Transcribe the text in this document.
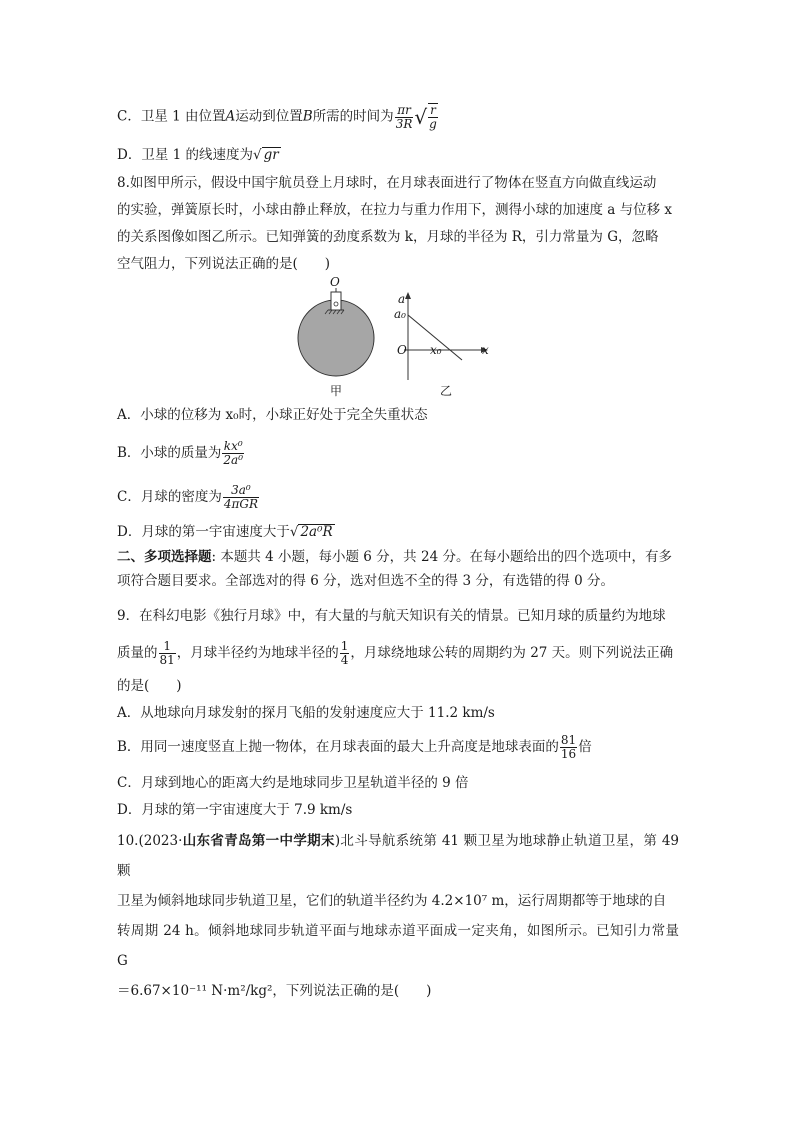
C．卫星 1 由位置A运动到位置B所需的时间为 $\frac{\pi r}{3R}$ √ $\frac{r}{g}$
D．卫星 1 的线速度为√ gr
8.如图甲所示，假设中国宇航员登上月球时，在月球表面进行了物体在竖直方向做直线运动
的实验，弹簧原长时，小球由静止释放，在拉力与重力作用下，测得小球的加速度 a 与位移 x
的关系图像如图乙所示。已知弹簧的劲度系数为 k，月球的半径为 R，引力常量为 G，忽略
空气阻力，下列说法正确的是(　　)
O
a
a₀
O x₀	x
甲	乙
A．小球的位移为 x₀时，小球正好处于完全失重状态
B．小球的质量为 $\frac{\text{kx⁰}}{\text{2a⁰}}$
C．月球的密度为 $\frac{\text{3a⁰}}{\text{4πGR}}$
D．月球的第一宇宙速度大于√ 2a⁰R
二、多项选择题: 本题共 4 小题，每小题 6 分，共 24 分。在每小题给出的四个选项中，有多
项符合题目要求。全部选对的得 6 分，选对但选不全的得 3 分，有选错的得 0 分。
9．在科幻电影《独行月球》中，有大量的与航天知识有关的情景。已知月球的质量约为地球
质量的 $\frac{1}{81}$ ，月球半径约为地球半径的 $\frac{1}{4}$ ，月球绕地球公转的周期约为 27 天。则下列说法正确
的是(　　)
A．从地球向月球发射的探月飞船的发射速度应大于 11.2 km/s
B．用同一速度竖直上抛一物体，在月球表面的最大上升高度是地球表面的 $\frac{81}{16}$ 倍
C．月球到地心的距离大约是地球同步卫星轨道半径的 9 倍
D．月球的第一宇宙速度大于 7.9 km/s
10.(2023·山东省青岛第一中学期末)北斗导航系统第 41 颗卫星为地球静止轨道卫星，第 49 颗
卫星为倾斜地球同步轨道卫星，它们的轨道半径约为 4.2×10⁷ m，运行周期都等于地球的自
转周期 24 h。倾斜地球同步轨道平面与地球赤道平面成一定夹角，如图所示。已知引力常量 G
＝6.67×10⁻¹¹ N·m²/kg²，下列说法正确的是(　　)
